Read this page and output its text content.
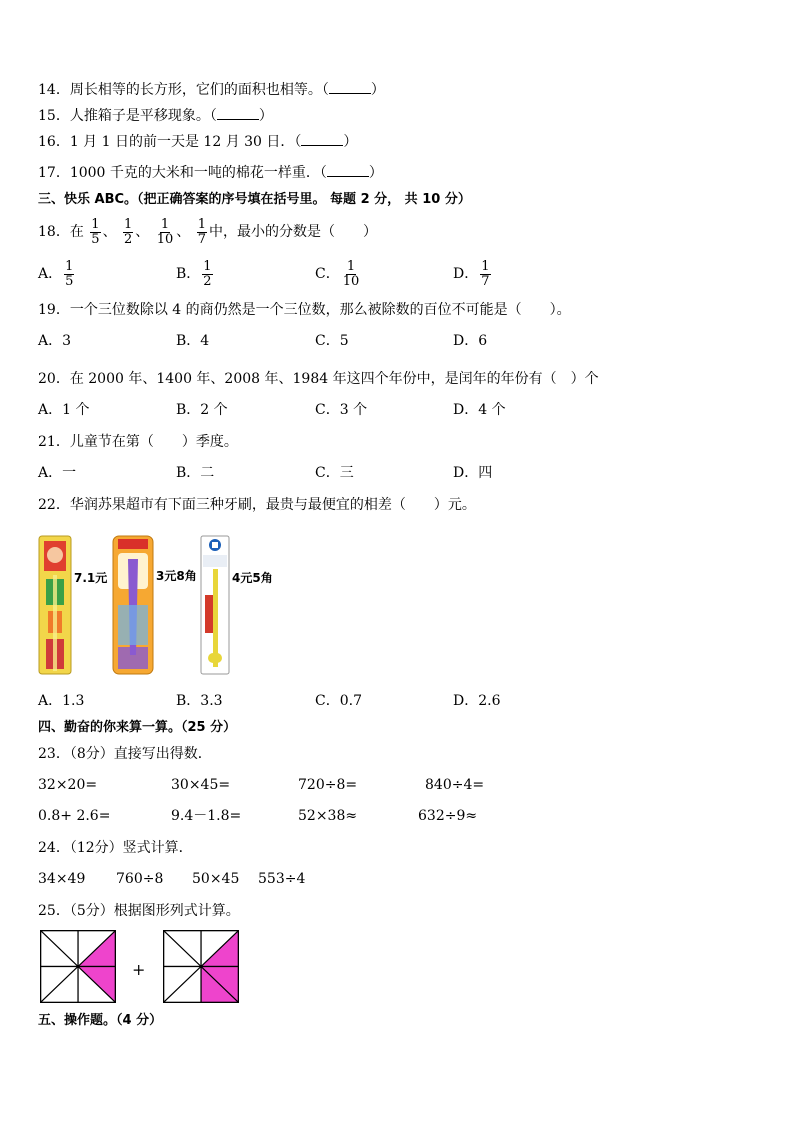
14．周长相等的长方形，它们的面积也相等。（	）
15．人推箱子是平移现象。（	）
16．1 月 1 日的前一天是 12 月 30 日．（	）
17．1000 千克的大米和一吨的棉花一样重．（	）
三、快乐 ABC。（把正确答案的序号填在括号里。 每题 2 分， 共 10 分）
18．在 $\frac{1}{5}$ 、 $\frac{1}{2}$ 、 $\frac{1}{10}$ 、 $\frac{1}{7}$ 中，最小的分数是（　　）
A． $\frac{1}{5}$	B． $\frac{1}{2}$	C． $\frac{1}{10}$	D． $\frac{1}{7}$
19．一个三位数除以 4 的商仍然是一个三位数，那么被除数的百位不可能是（　　）。
A．3	B．4	C．5	D．6
20．在 2000 年、1400 年、2008 年、1984 年这四个年份中，是闰年的年份有（　）个
A．1 个	B．2 个	C．3 个	D．4 个
21．儿童节在第（　　）季度。
A．一	B．二	C．三	D．四
22．华润苏果超市有下面三种牙刷，最贵与最便宜的相差（　　）元。
7.1元	3元8角	4元5角
A．1.3	B．3.3	C．0.7	D．2.6
四、勤奋的你来算一算。（25 分）
23．（8分）直接写出得数．
32×20=	30×45=	720÷8=	840÷4=
0.8+ 2.6=	9.4－1.8=	52×38≈	632÷9≈
24．（12分）竖式计算．
34×49 760÷8 50×45 553÷4
25．（5分）根据图形列式计算。
+
五、操作题。（4 分）
